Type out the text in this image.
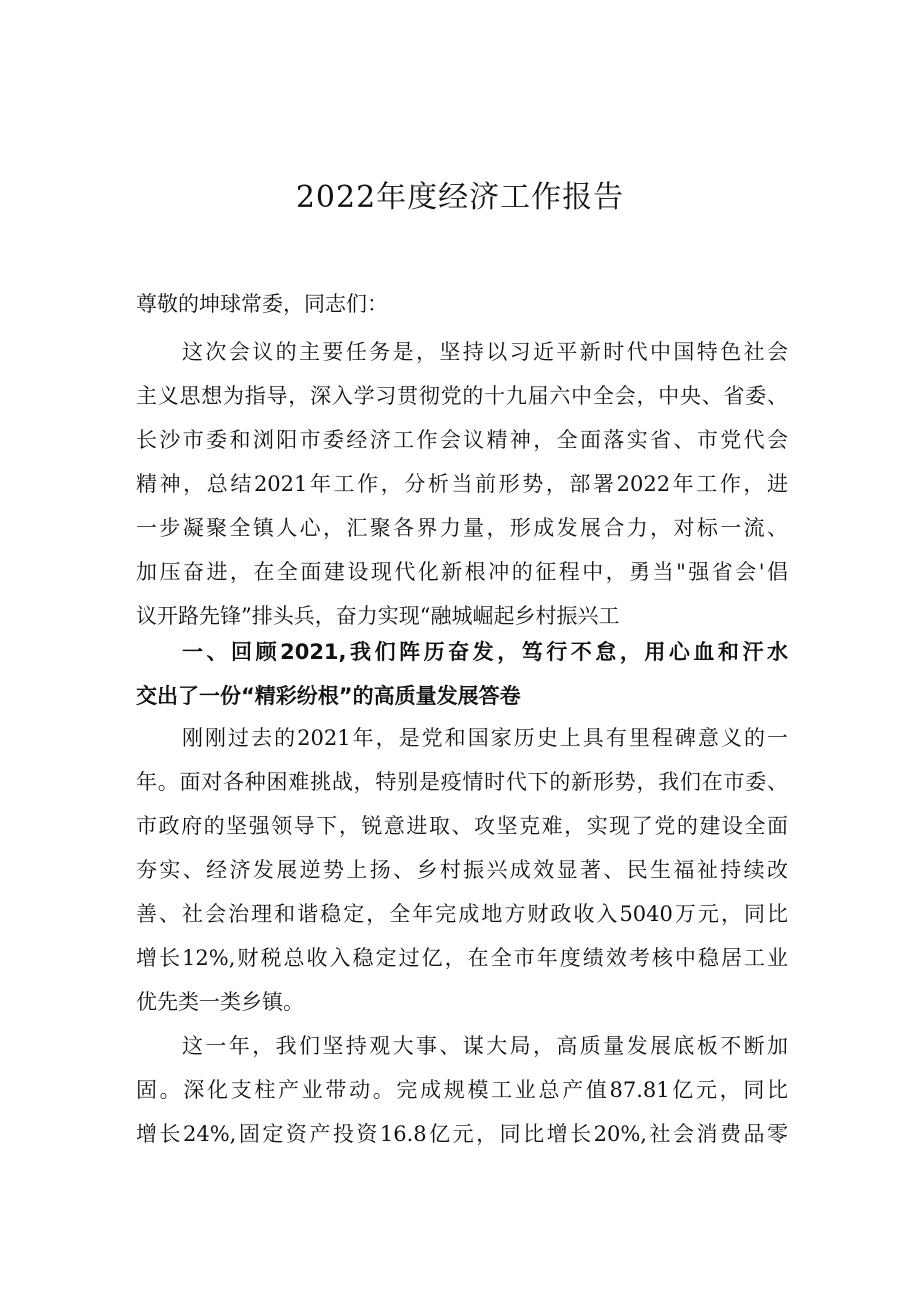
2022年度经济工作报告
尊敬的坤球常委，同志们：
这次会议的主要任务是，坚持以习近平新时代中国特色社会
主义思想为指导，深入学习贯彻党的十九届六中全会，中央、省委、
长沙市委和浏阳市委经济工作会议精神，全面落实省、市党代会
精神，总结2021年工作，分析当前形势，部署2022年工作，进
一步凝聚全镇人心，汇聚各界力量，形成发展合力，对标一流、
加压奋进，在全面建设现代化新根冲的征程中，勇当"强省会'倡
议开路先锋”排头兵，奋力实现“融城崛起乡村振兴工
一、回顾2021,我们阵历奋发，笃行不怠，用心血和汗水
交出了一份“精彩纷根”的高质量发展答卷
刚刚过去的2021年，是党和国家历史上具有里程碑意义的一
年。面对各种困难挑战，特别是疫情时代下的新形势，我们在市委、
市政府的坚强领导下，锐意进取、攻坚克难，实现了党的建设全面
夯实、经济发展逆势上扬、乡村振兴成效显著、民生福祉持续改
善、社会治理和谐稳定，全年完成地方财政收入5040万元，同比
增长12%,财税总收入稳定过亿，在全市年度绩效考核中稳居工业
优先类一类乡镇。
这一年，我们坚持观大事、谋大局，高质量发展底板不断加
固。深化支柱产业带动。完成规模工业总产值87.81亿元，同比
增长24%,固定资产投资16.8亿元，同比增长20%,社会消费品零
